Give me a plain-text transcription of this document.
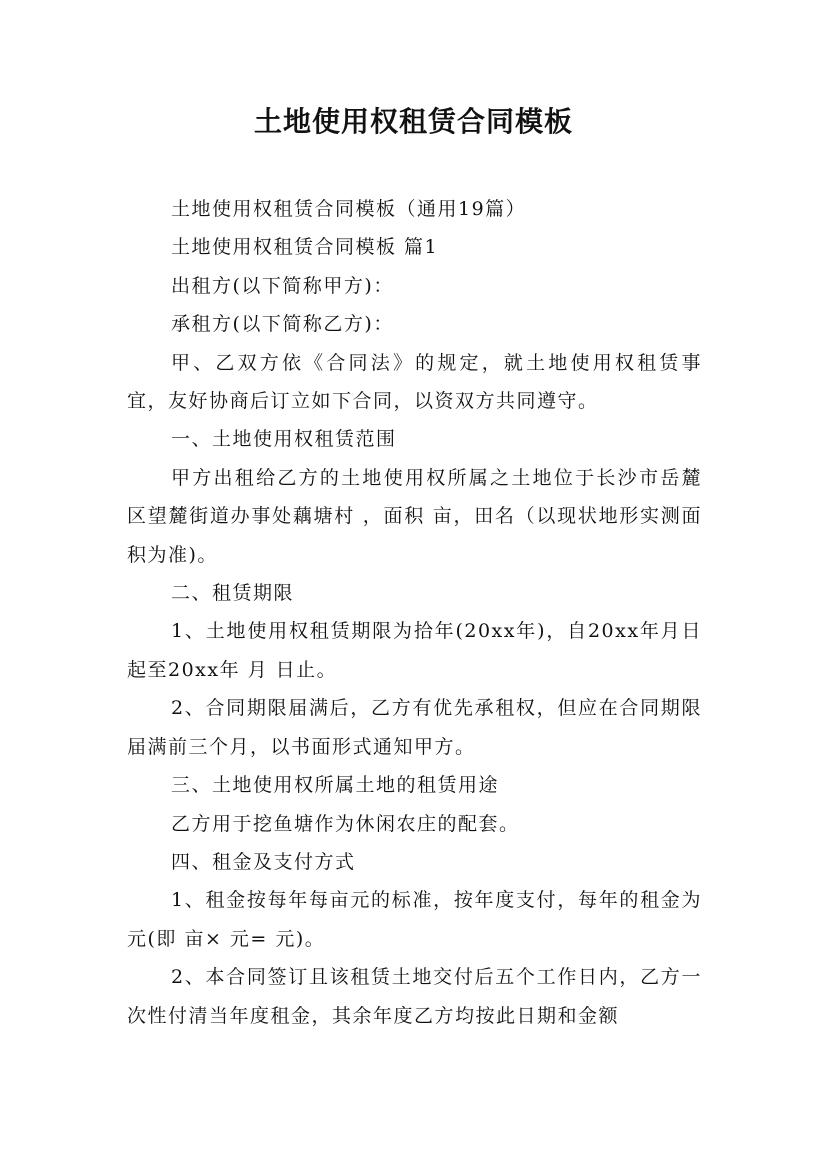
土地使用权租赁合同模板

土地使用权租赁合同模板（通用19篇）

土地使用权租赁合同模板 篇1

出租方(以下简称甲方)：

承租方(以下简称乙方)：

甲、乙双方依《合同法》的规定，就土地使用权租赁事宜，友好协商后订立如下合同，以资双方共同遵守。

一、土地使用权租赁范围

甲方出租给乙方的土地使用权所属之土地位于长沙市岳麓区望麓街道办事处藕塘村 ，面积 亩，田名（以现状地形实测面积为准)。

二、租赁期限

1、土地使用权租赁期限为拾年(20xx年)，自20xx年月日起至20xx年 月 日止。

2、合同期限届满后，乙方有优先承租权，但应在合同期限届满前三个月，以书面形式通知甲方。

三、土地使用权所属土地的租赁用途

乙方用于挖鱼塘作为休闲农庄的配套。

四、租金及支付方式

1、租金按每年每亩元的标准，按年度支付，每年的租金为 元(即 亩× 元= 元)。

2、本合同签订且该租赁土地交付后五个工作日内，乙方一次性付清当年度租金，其余年度乙方均按此日期和金额
